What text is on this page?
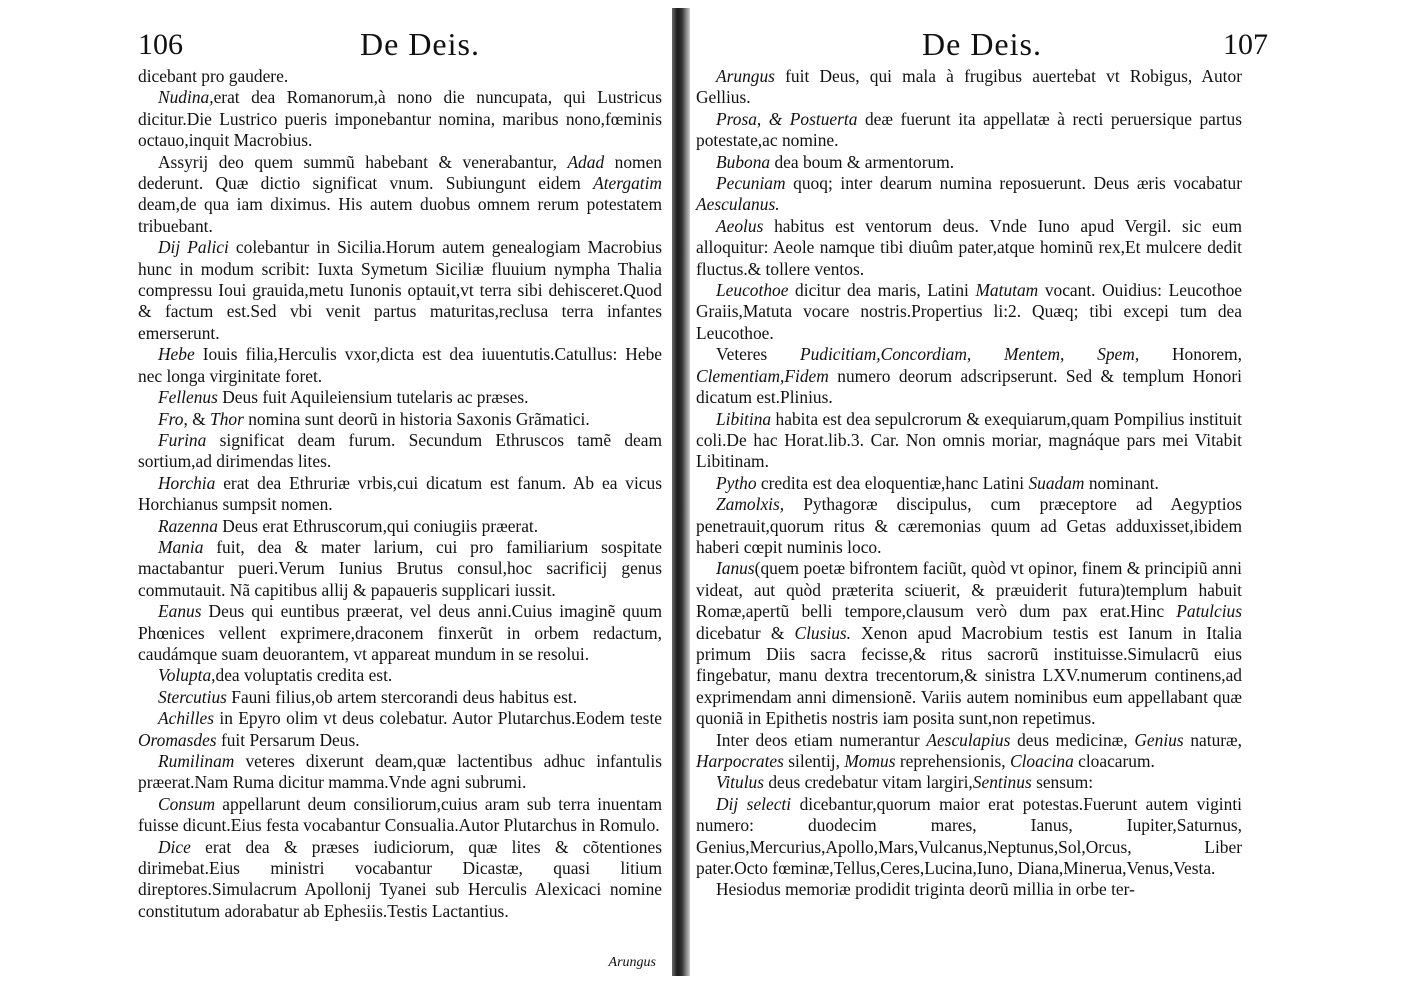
106	De Deis.

dicebant pro gaudere.

Nudina,erat dea Romanorum,à nono die nuncupata, qui Lustricus dicitur.Die Lustrico pueris imponebantur nomina, maribus nono,fœminis octauo,inquit Macrobius.

Assyrij deo quem summũ habebant & venerabantur, Adad nomen dederunt. Quæ dictio significat vnum. Subiungunt eidem Atergatim deam,de qua iam diximus. His autem duobus omnem rerum potestatem tribuebant.

Dij Palici colebantur in Sicilia.Horum autem genealogiam Macrobius hunc in modum scribit: Iuxta Symetum Siciliæ fluuium nympha Thalia compressu Ioui grauida,metu Iunonis optauit,vt terra sibi dehisceret.Quod & factum est.Sed vbi venit partus maturitas,reclusa terra infantes emerserunt.

Hebe Iouis filia,Herculis vxor,dicta est dea iuuentutis.Catullus: Hebe nec longa virginitate foret.

Fellenus Deus fuit Aquileiensium tutelaris ac præses.

Fro, & Thor nomina sunt deorũ in historia Saxonis Grãmatici.

Furina significat deam furum. Secundum Ethruscos tamẽ deam sortium,ad dirimendas lites.

Horchia erat dea Ethruriæ vrbis,cui dicatum est fanum. Ab ea vicus Horchianus sumpsit nomen.

Razenna Deus erat Ethruscorum,qui coniugiis præerat.

Mania fuit, dea & mater larium, cui pro familiarium sospitate mactabantur pueri.Verum Iunius Brutus consul,hoc sacrificij genus commutauit. Nã capitibus allij & papaueris supplicari iussit.

Eanus Deus qui euntibus præerat, vel deus anni.Cuius imaginẽ quum Phœnices vellent exprimere,draconem finxerũt in orbem redactum, caudámque suam deuorantem, vt appareat mundum in se resolui.

Volupta,dea voluptatis credita est.

Stercutius Fauni filius,ob artem stercorandi deus habitus est.

Achilles in Epyro olim vt deus colebatur. Autor Plutarchus.Eodem teste Oromasdes fuit Persarum Deus.

Rumilinam veteres dixerunt deam,quæ lactentibus adhuc infantulis præerat.Nam Ruma dicitur mamma.Vnde agni subrumi.

Consum appellarunt deum consiliorum,cuius aram sub terra inuentam fuisse dicunt.Eius festa vocabantur Consualia.Autor Plutarchus in Romulo.

Dice erat dea & præses iudiciorum, quæ lites & cõtentiones dirimebat.Eius ministri vocabantur Dicastæ, quasi litium direptores.Simulacrum Apollonij Tyanei sub Herculis Alexicaci nomine constitutum adorabatur ab Ephesiis.Testis Lactantius.

Arungus
De Deis.	107

Arungus fuit Deus, qui mala à frugibus auertebat vt Robigus, Autor Gellius.

Prosa, & Postuerta deæ fuerunt ita appellatæ à recti peruersique partus potestate,ac nomine.

Bubona dea boum & armentorum.

Pecuniam quoq; inter dearum numina reposuerunt. Deus æris vocabatur Aesculanus.

Aeolus habitus est ventorum deus. Vnde Iuno apud Vergil. sic eum alloquitur: Aeole namque tibi diuûm pater,atque hominũ rex,Et mulcere dedit fluctus.& tollere ventos.

Leucothoe dicitur dea maris, Latini Matutam vocant. Ouidius: Leucothoe Graiis,Matuta vocare nostris.Propertius li:2. Quæq; tibi excepi tum dea Leucothoe.

Veteres Pudicitiam,Concordiam, Mentem, Spem, Honorem, Clementiam,Fidem numero deorum adscripserunt. Sed & templum Honori dicatum est.Plinius.

Libitina habita est dea sepulcrorum & exequiarum,quam Pompilius instituit coli.De hac Horat.lib.3. Car. Non omnis moriar, magnáque pars mei Vitabit Libitinam.

Pytho credita est dea eloquentiæ,hanc Latini Suadam nominant.

Zamolxis, Pythagoræ discipulus, cum præceptore ad Aegyptios penetrauit,quorum ritus & cæremonias quum ad Getas adduxisset,ibidem haberi cœpit numinis loco.

Ianus(quem poetæ bifrontem faciũt, quòd vt opinor, finem & principiũ anni videat, aut quòd præterita sciuerit, & præuiderit futura)templum habuit Romæ,apertũ belli tempore,clausum verò dum pax erat.Hinc Patulcius dicebatur & Clusius. Xenon apud Macrobium testis est Ianum in Italia primum Diis sacra fecisse,& ritus sacrorũ instituisse.Simulacrũ eius fingebatur, manu dextra trecentorum,& sinistra LXV.numerum continens,ad exprimendam anni dimensionẽ. Variis autem nominibus eum appellabant quæ quoniã in Epithetis nostris iam posita sunt,non repetimus.

Inter deos etiam numerantur Aesculapius deus medicinæ, Genius naturæ, Harpocrates silentij, Momus reprehensionis, Cloacina cloacarum.

Vitulus deus credebatur vitam largiri,Sentinus sensum:

Dij selecti dicebantur,quorum maior erat potestas.Fuerunt autem viginti numero: duodecim mares, Ianus, Iupiter,Saturnus, Genius,Mercurius,Apollo,Mars,Vulcanus,Neptunus,Sol,Orcus, Liber pater.Octo fœminæ,Tellus,Ceres,Lucina,Iuno, Diana,Minerua,Venus,Vesta.

Hesiodus memoriæ prodidit triginta deorũ millia in orbe ter-
